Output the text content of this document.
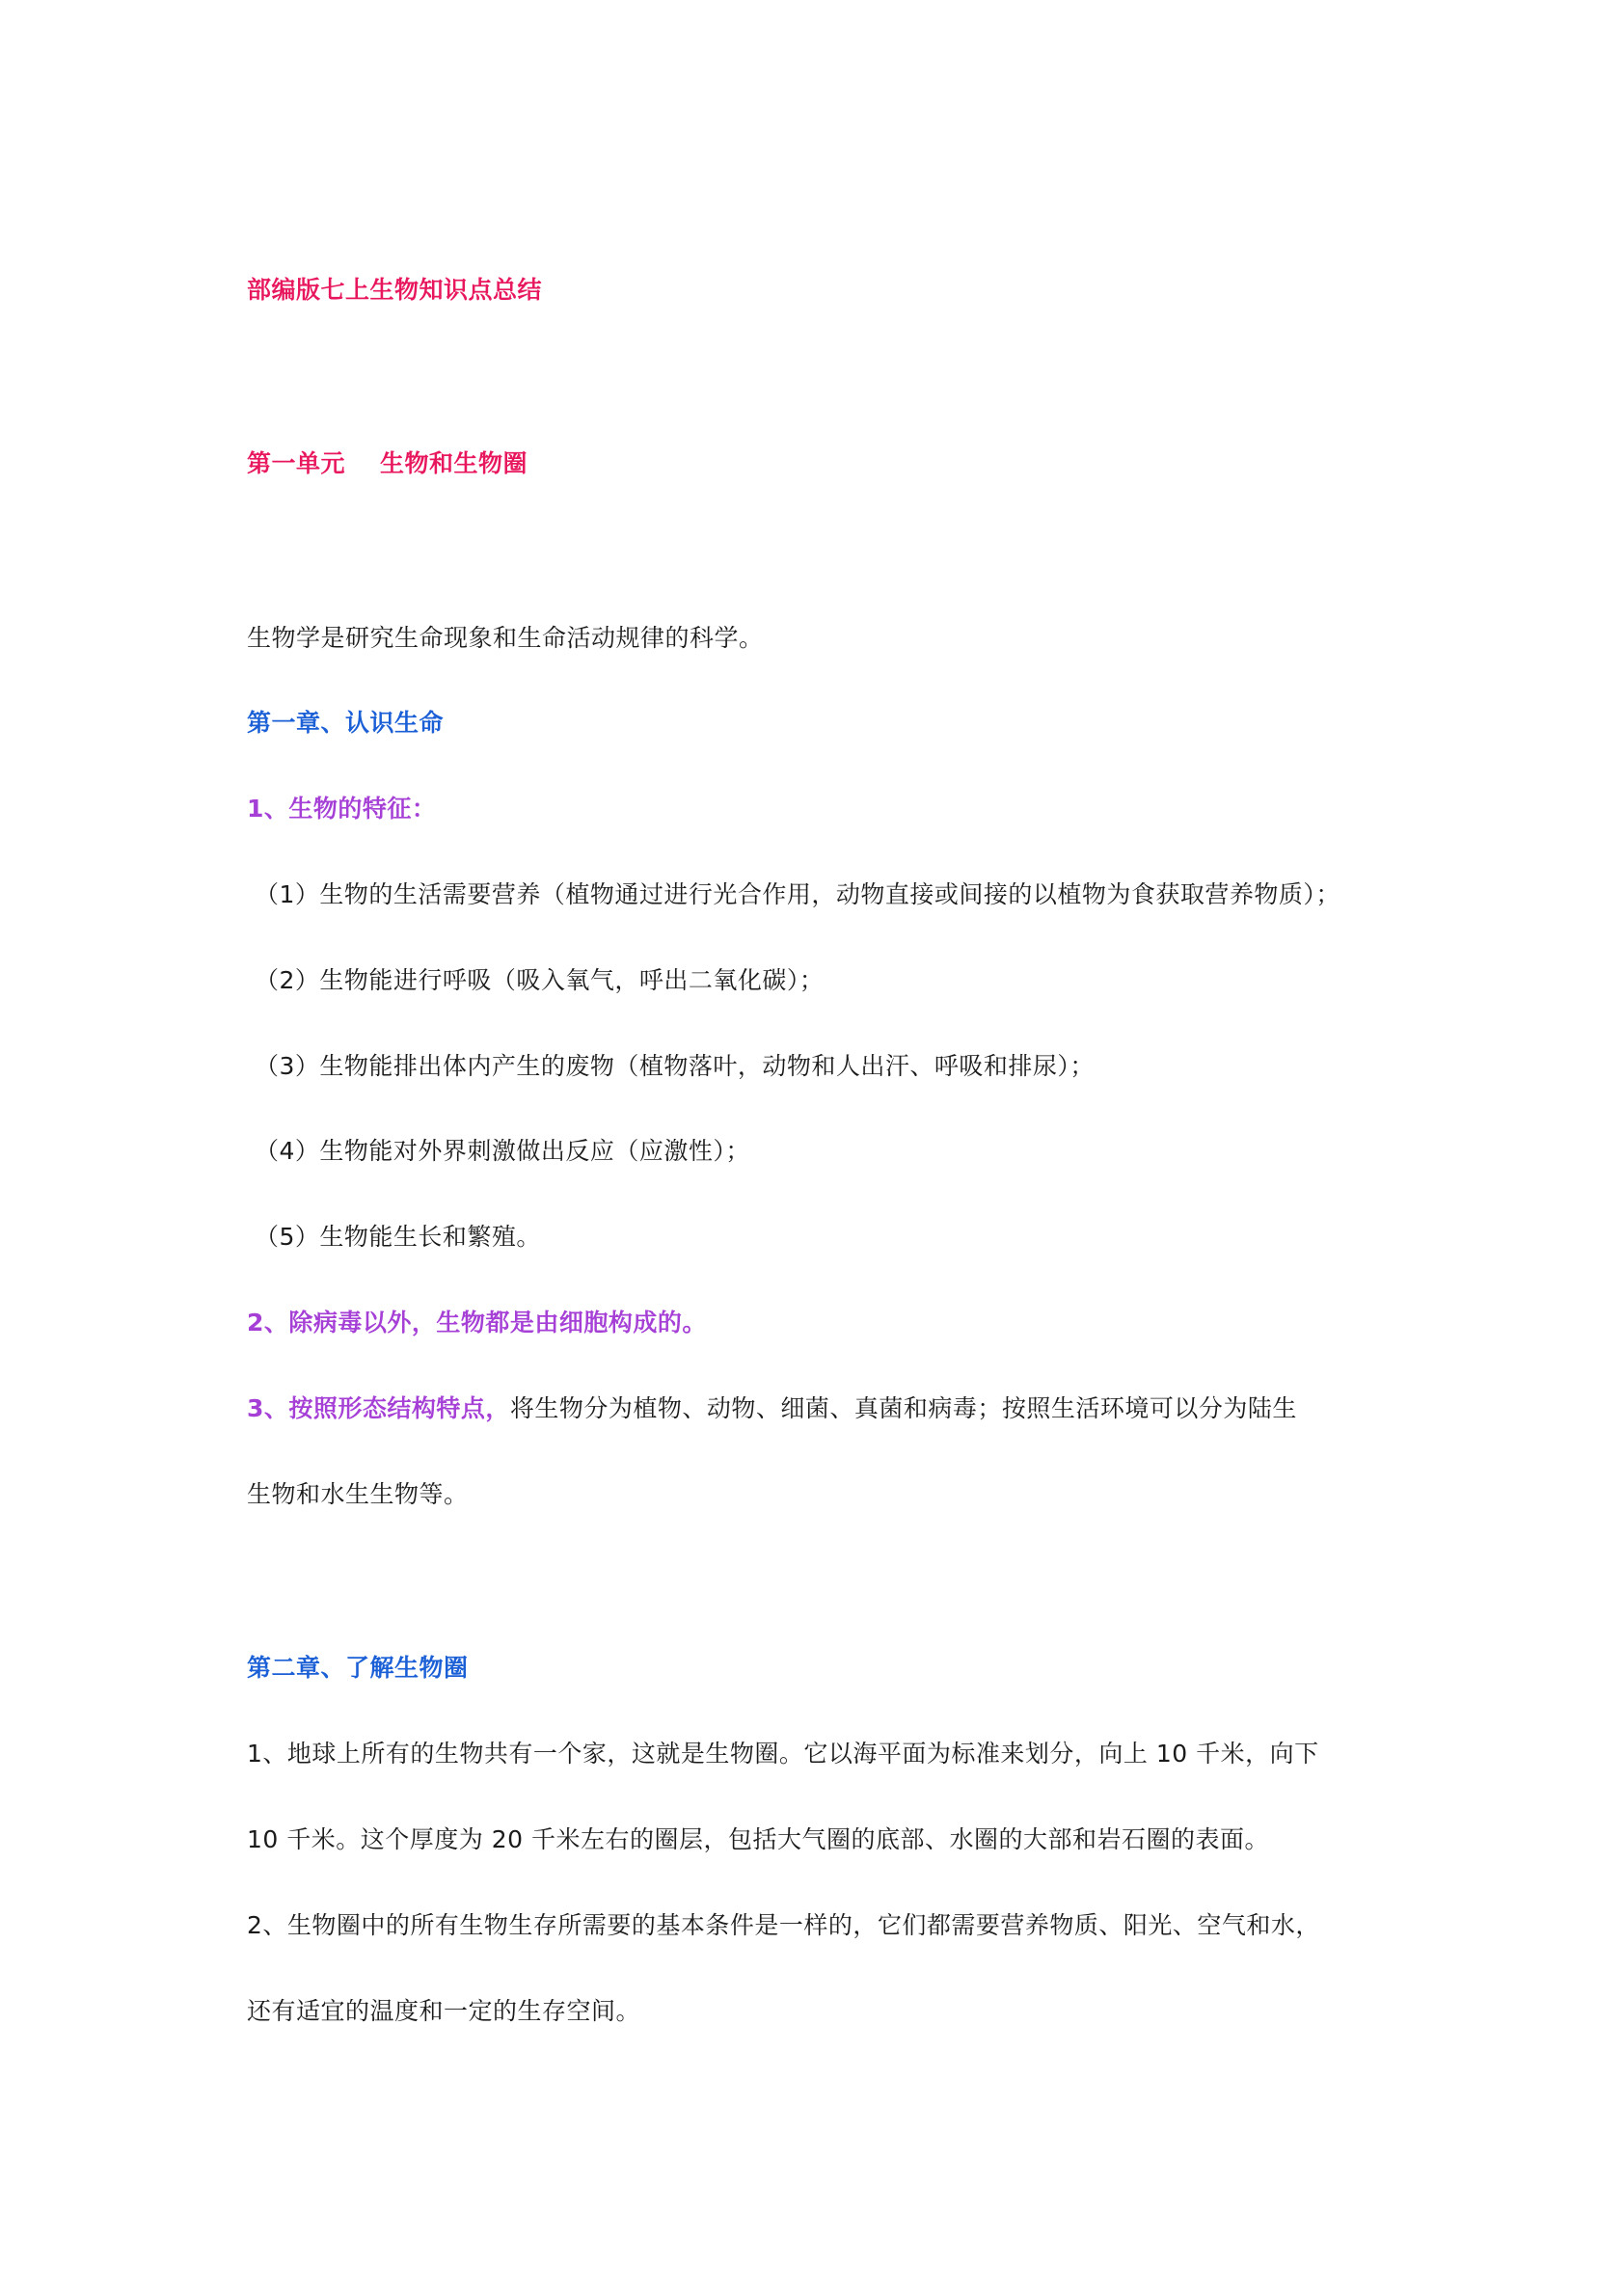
部编版七上生物知识点总结
第一单元 生物和生物圈
生物学是研究生命现象和生命活动规律的科学。
第一章、认识生命
1、生物的特征：
（1）生物的生活需要营养（植物通过进行光合作用，动物直接或间接的以植物为食获取营养物质）；
（2）生物能进行呼吸（吸入氧气，呼出二氧化碳）；
（3）生物能排出体内产生的废物（植物落叶，动物和人出汗、呼吸和排尿）；
（4）生物能对外界刺激做出反应（应激性）；
（5）生物能生长和繁殖。
2、除病毒以外，生物都是由细胞构成的。
3、按照形态结构特点，将生物分为植物、动物、细菌、真菌和病毒；按照生活环境可以分为陆生
生物和水生生物等。
第二章、了解生物圈
1、地球上所有的生物共有一个家，这就是生物圈。它以海平面为标准来划分，向上 10 千米，向下
10 千米。这个厚度为 20 千米左右的圈层，包括大气圈的底部、水圈的大部和岩石圈的表面。
2、生物圈中的所有生物生存所需要的基本条件是一样的，它们都需要营养物质、阳光、空气和水，
还有适宜的温度和一定的生存空间。
